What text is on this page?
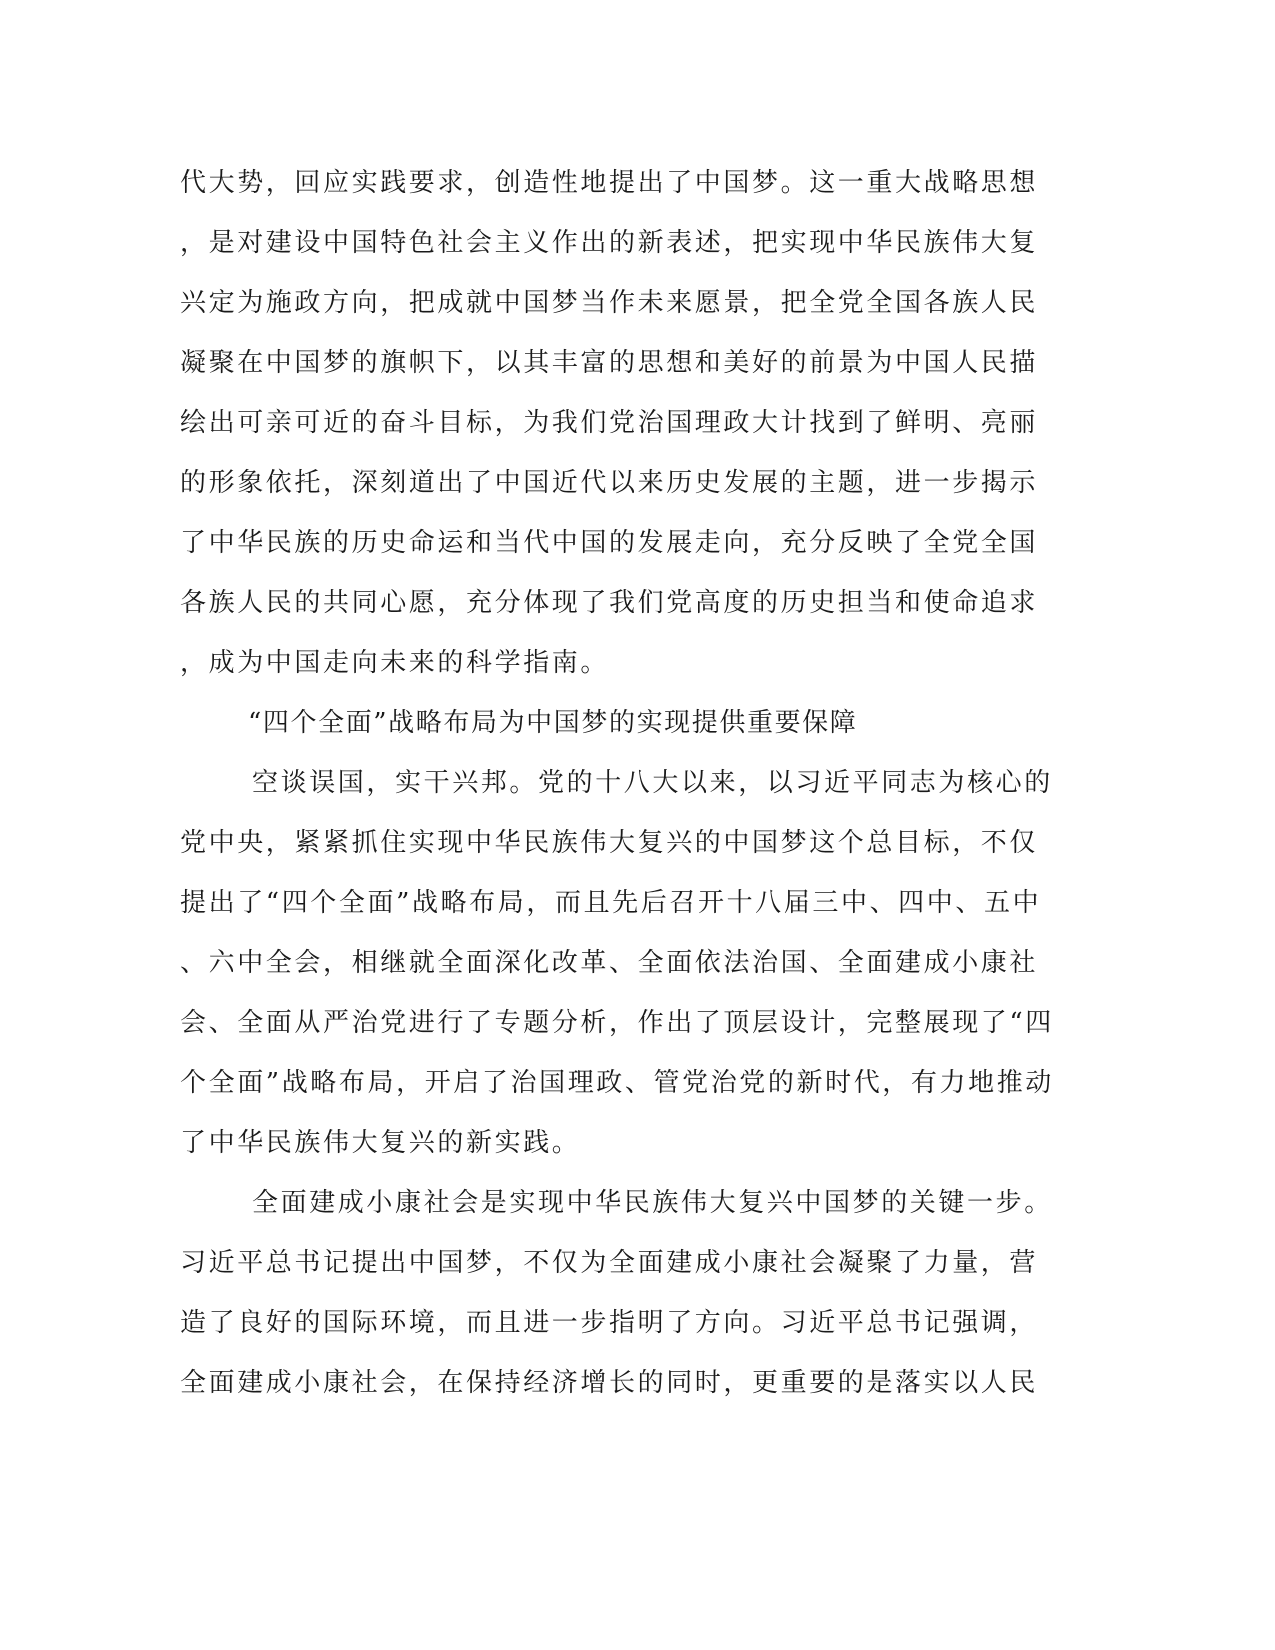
代大势，回应实践要求，创造性地提出了中国梦。这一重大战略思想
，是对建设中国特色社会主义作出的新表述，把实现中华民族伟大复
兴定为施政方向，把成就中国梦当作未来愿景，把全党全国各族人民
凝聚在中国梦的旗帜下，以其丰富的思想和美好的前景为中国人民描
绘出可亲可近的奋斗目标，为我们党治国理政大计找到了鲜明、亮丽
的形象依托，深刻道出了中国近代以来历史发展的主题，进一步揭示
了中华民族的历史命运和当代中国的发展走向，充分反映了全党全国
各族人民的共同心愿，充分体现了我们党高度的历史担当和使命追求
，成为中国走向未来的科学指南。
“四个全面”战略布局为中国梦的实现提供重要保障
空谈误国，实干兴邦。党的十八大以来，以习近平同志为核心的
党中央，紧紧抓住实现中华民族伟大复兴的中国梦这个总目标，不仅
提出了“四个全面”战略布局，而且先后召开十八届三中、四中、五中
、六中全会，相继就全面深化改革、全面依法治国、全面建成小康社
会、全面从严治党进行了专题分析，作出了顶层设计，完整展现了“四
个全面”战略布局，开启了治国理政、管党治党的新时代，有力地推动
了中华民族伟大复兴的新实践。
全面建成小康社会是实现中华民族伟大复兴中国梦的关键一步。
习近平总书记提出中国梦，不仅为全面建成小康社会凝聚了力量，营
造了良好的国际环境，而且进一步指明了方向。习近平总书记强调，
全面建成小康社会，在保持经济增长的同时，更重要的是落实以人民
